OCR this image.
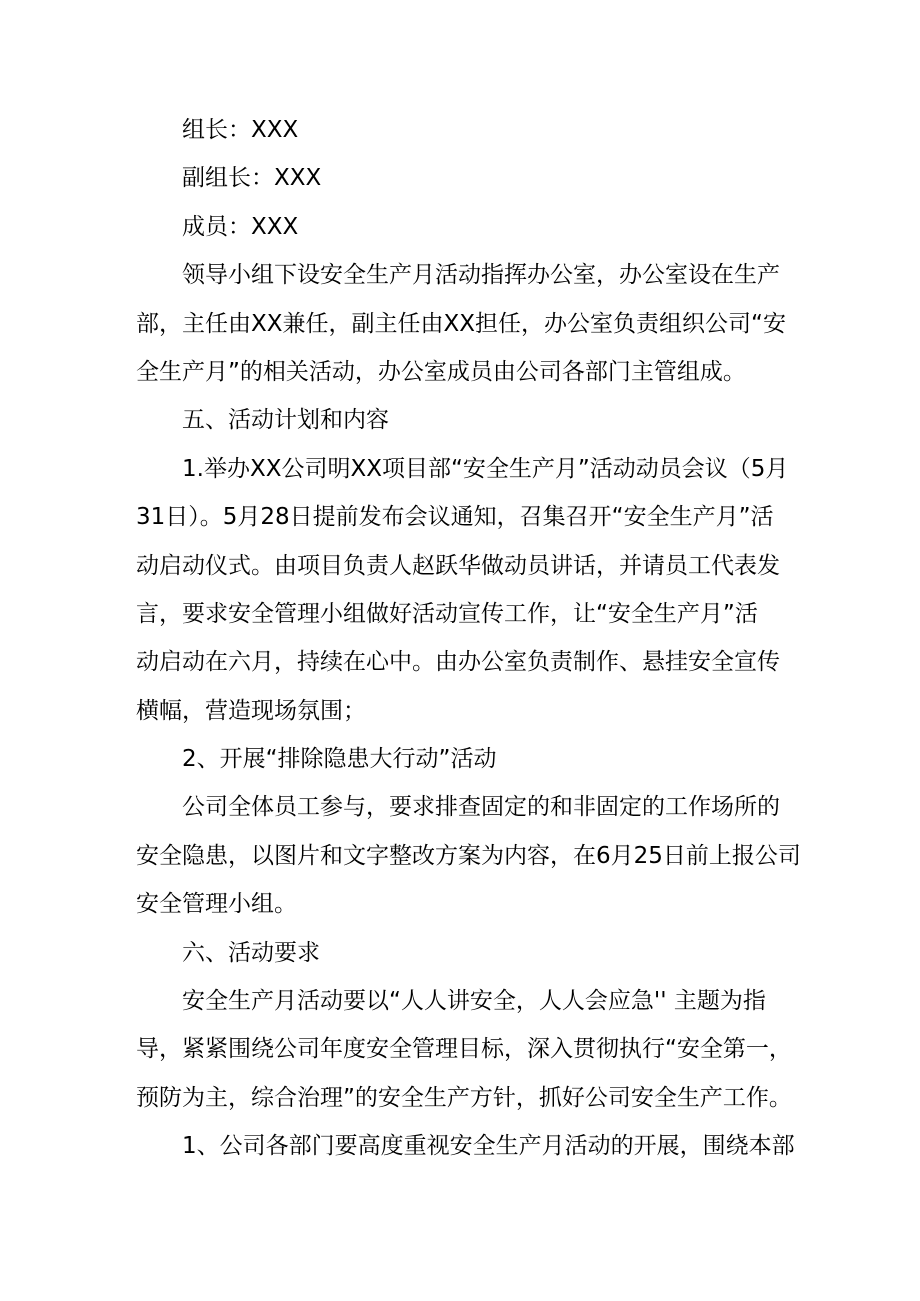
组长：XXX
副组长：XXX
成员：XXX
领导小组下设安全生产月活动指挥办公室，办公室设在生产
部，主任由XX兼任，副主任由XX担任，办公室负责组织公司“安
全生产月”的相关活动，办公室成员由公司各部门主管组成。
五、活动计划和内容
1.举办XX公司明XX项目部“安全生产月”活动动员会议（5月
31日）。5月28日提前发布会议通知，召集召开“安全生产月”活
动启动仪式。由项目负责人赵跃华做动员讲话，并请员工代表发
言，要求安全管理小组做好活动宣传工作，让“安全生产月”活
动启动在六月，持续在心中。由办公室负责制作、悬挂安全宣传
横幅，营造现场氛围；
2、开展“排除隐患大行动”活动
公司全体员工参与，要求排查固定的和非固定的工作场所的
安全隐患，以图片和文字整改方案为内容，在6月25日前上报公司
安全管理小组。
六、活动要求
安全生产月活动要以“人人讲安全，人人会应急'' 主题为指
导，紧紧围绕公司年度安全管理目标，深入贯彻执行“安全第一，
预防为主，综合治理”的安全生产方针，抓好公司安全生产工作。
1、公司各部门要高度重视安全生产月活动的开展，围绕本部
